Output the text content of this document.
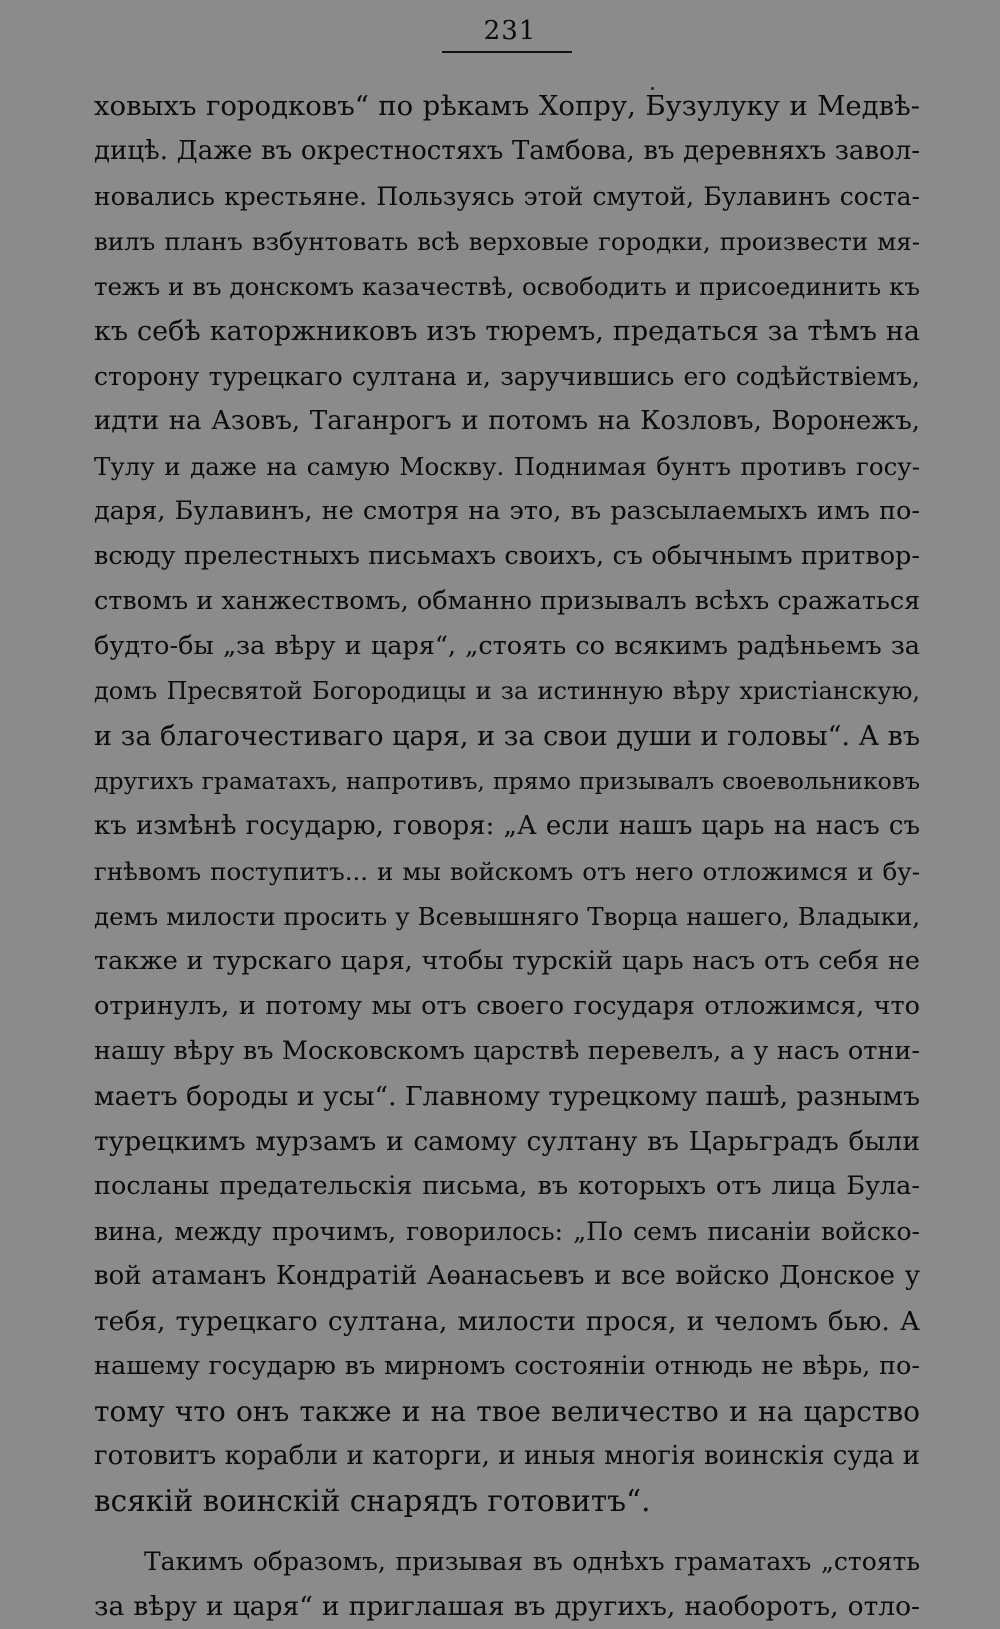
231
ховыхъ городковъ“ по рѣкамъ Хопру, Бузулуку и Медвѣ-
дицѣ. Даже въ окрестностяхъ Тамбова, въ деревняхъ завол-
новались крестьяне. Пользуясь этой смутой, Булавинъ соста-
вилъ планъ взбунтовать всѣ верховые городки, произвести мя-
тежъ и въ донскомъ казачествѣ, освободить и присоединить къ
къ себѣ каторжниковъ изъ тюремъ, предаться за тѣмъ на
сторону турецкаго султана и, заручившись его содѣйствіемъ,
идти на Азовъ, Таганрогъ и потомъ на Козловъ, Воронежъ,
Тулу и даже на самую Москву. Поднимая бунтъ противъ госу-
даря, Булавинъ, не смотря на это, въ разсылаемыхъ имъ по-
всюду прелестныхъ письмахъ своихъ, съ обычнымъ притвор-
ствомъ и ханжествомъ, обманно призывалъ всѣхъ сражаться
будто-бы „за вѣру и царя“, „стоять со всякимъ радѣньемъ за
домъ Пресвятой Богородицы и за истинную вѣру христіанскую,
и за благочестиваго царя, и за свои души и головы“. А въ
другихъ граматахъ, напротивъ, прямо призывалъ своевольниковъ
къ измѣнѣ государю, говоря: „А если нашъ царь на насъ съ
гнѣвомъ поступитъ... и мы войскомъ отъ него отложимся и бу-
демъ милости просить у Всевышняго Творца нашего, Владыки,
также и турскаго царя, чтобы турскій царь насъ отъ себя не
отринулъ, и потому мы отъ своего государя отложимся, что
нашу вѣру въ Московскомъ царствѣ перевелъ, а у насъ отни-
маетъ бороды и усы“. Главному турецкому пашѣ, разнымъ
турецкимъ мурзамъ и самому султану въ Царьградъ были
посланы предательскія письма, въ которыхъ отъ лица Була-
вина, между прочимъ, говорилось: „По семъ писаніи войско-
вой атаманъ Кондратій Аѳанасьевъ и все войско Донское у
тебя, турецкаго султана, милости прося, и челомъ бью. А
нашему государю въ мирномъ состояніи отнюдь не вѣрь, по-
тому что онъ также и на твое величество и на царство
готовитъ корабли и каторги, и иныя многія воинскія суда и
всякій воинскій снарядъ готовитъ“.
Такимъ образомъ, призывая въ однѣхъ граматахъ „стоять
за вѣру и царя“ и приглашая въ другихъ, наоборотъ, отло-
